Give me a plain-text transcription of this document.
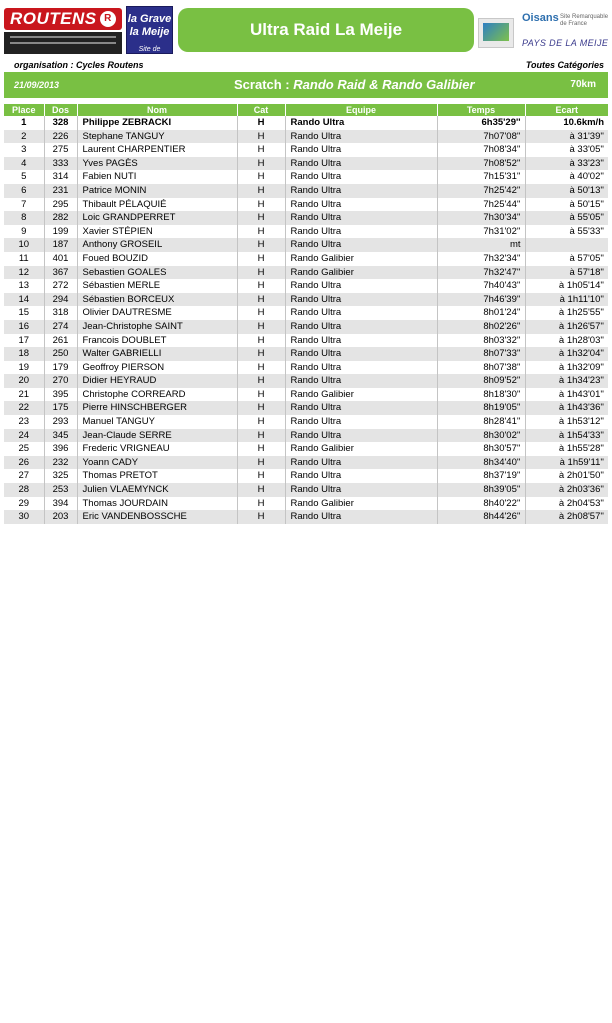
ROUTENS R	la Grave la Meije
Site de Montagne
Ultra Raid La Meije
Oisans Site Remarquable de France
PAYS DE LA MEIJE
organisation : Cycles Routens	Toutes Catégories
21/09/2013	Scratch : Rando Raid & Rando Galibier	70km
Place	Dos	Nom	Cat	Equipe	Temps	Ecart
1	328	Philippe ZEBRACKI	H	Rando Ultra	6h35'29''	10.6km/h
2	226	Stephane TANGUY	H	Rando Ultra	7h07'08''	à 31'39''
3	275	Laurent CHARPENTIER	H	Rando Ultra	7h08'34''	à 33'05''
4	333	Yves PAGÈS	H	Rando Ultra	7h08'52''	à 33'23''
5	314	Fabien NUTI	H	Rando Ultra	7h15'31''	à 40'02''
6	231	Patrice MONIN	H	Rando Ultra	7h25'42''	à 50'13''
7	295	Thibault PÉLAQUIÉ	H	Rando Ultra	7h25'44''	à 50'15''
8	282	Loic GRANDPERRET	H	Rando Ultra	7h30'34''	à 55'05''
9	199	Xavier STÉPIEN	H	Rando Ultra	7h31'02''	à 55'33''
10	187	Anthony GROSEIL	H	Rando Ultra	mt	
11	401	Foued BOUZID	H	Rando Galibier	7h32'34''	à 57'05''
12	367	Sebastien GOALES	H	Rando Galibier	7h32'47''	à 57'18''
13	272	Sébastien MERLE	H	Rando Ultra	7h40'43''	à 1h05'14''
14	294	Sébastien BORCEUX	H	Rando Ultra	7h46'39''	à 1h11'10''
15	318	Olivier DAUTRESME	H	Rando Ultra	8h01'24''	à 1h25'55''
16	274	Jean-Christophe SAINT	H	Rando Ultra	8h02'26''	à 1h26'57''
17	261	Francois DOUBLET	H	Rando Ultra	8h03'32''	à 1h28'03''
18	250	Walter GABRIELLI	H	Rando Ultra	8h07'33''	à 1h32'04''
19	179	Geoffroy PIERSON	H	Rando Ultra	8h07'38''	à 1h32'09''
20	270	Didier HEYRAUD	H	Rando Ultra	8h09'52''	à 1h34'23''
21	395	Christophe CORREARD	H	Rando Galibier	8h18'30''	à 1h43'01''
22	175	Pierre HINSCHBERGER	H	Rando Ultra	8h19'05''	à 1h43'36''
23	293	Manuel TANGUY	H	Rando Ultra	8h28'41''	à 1h53'12''
24	345	Jean-Claude SERRE	H	Rando Ultra	8h30'02''	à 1h54'33''
25	396	Frederic VRIGNEAU	H	Rando Galibier	8h30'57''	à 1h55'28''
26	232	Yoann CADY	H	Rando Ultra	8h34'40''	à 1h59'11''
27	325	Thomas PRETOT	H	Rando Ultra	8h37'19''	à 2h01'50''
28	253	Julien VLAEMYNCK	H	Rando Ultra	8h39'05''	à 2h03'36''
29	394	Thomas JOURDAIN	H	Rando Galibier	8h40'22''	à 2h04'53''
30	203	Eric VANDENBOSSCHE	H	Rando Ultra	8h44'26''	à 2h08'57''
